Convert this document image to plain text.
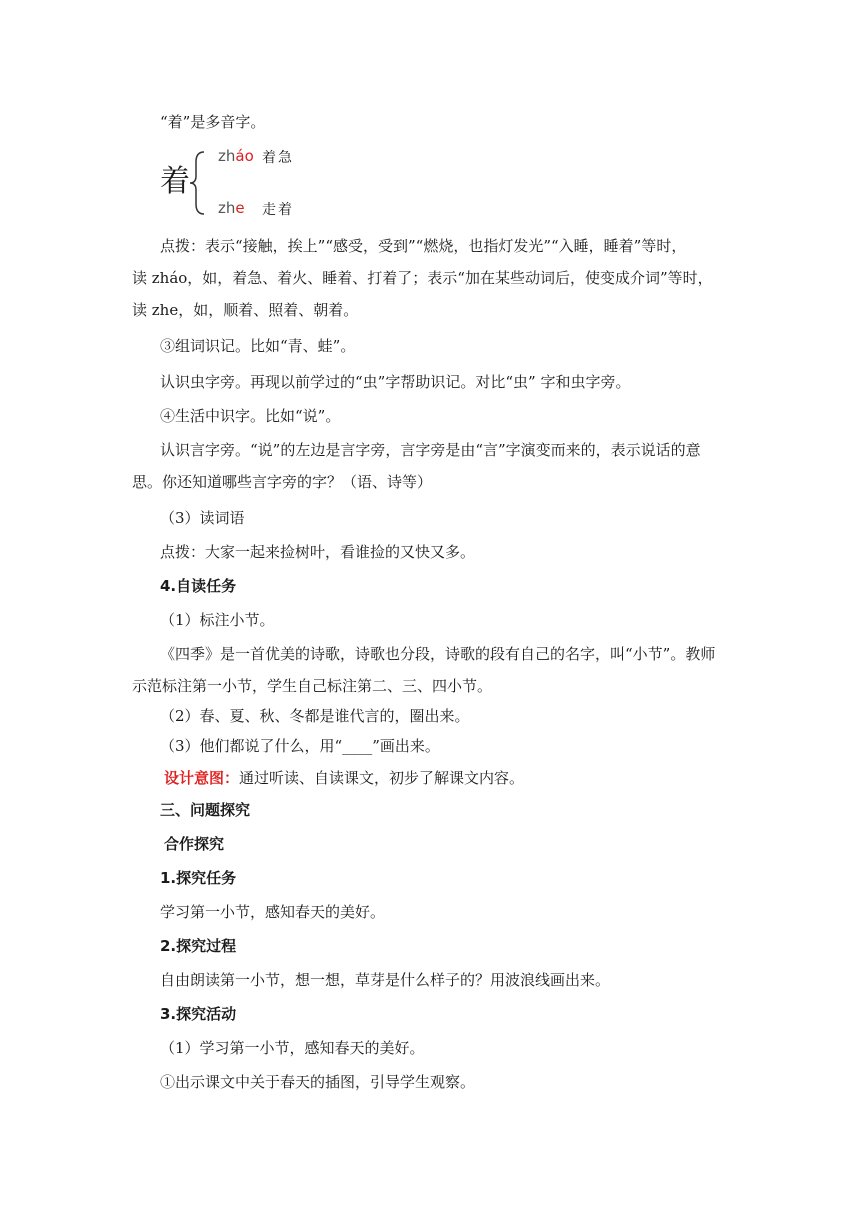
“着”是多音字。
着
zháo 着急
zhe 走着
点拨：表示“接触，挨上”“感受，受到”“燃烧，也指灯发光”“入睡，睡着”等时，
读 zháo，如，着急、着火、睡着、打着了；表示“加在某些动词后，使变成介词”等时，
读 zhe，如，顺着、照着、朝着。
③组词识记。比如“青、蛙”。
认识虫字旁。再现以前学过的“虫”字帮助识记。对比“虫” 字和虫字旁。
④生活中识字。比如“说”。
认识言字旁。“说”的左边是言字旁，言字旁是由“言”字演变而来的，表示说话的意
思。你还知道哪些言字旁的字？（语、诗等）
（3）读词语
点拨：大家一起来捡树叶，看谁捡的又快又多。
4.自读任务
（1）标注小节。
《四季》是一首优美的诗歌，诗歌也分段，诗歌的段有自己的名字，叫“小节”。教师
示范标注第一小节，学生自己标注第二、三、四小节。
（2）春、夏、秋、冬都是谁代言的，圈出来。
（3）他们都说了什么，用“____”画出来。
设计意图：通过听读、自读课文，初步了解课文内容。
三、问题探究
合作探究
1.探究任务
学习第一小节，感知春天的美好。
2.探究过程
自由朗读第一小节，想一想，草芽是什么样子的？用波浪线画出来。
3.探究活动
（1）学习第一小节，感知春天的美好。
①出示课文中关于春天的插图，引导学生观察。
